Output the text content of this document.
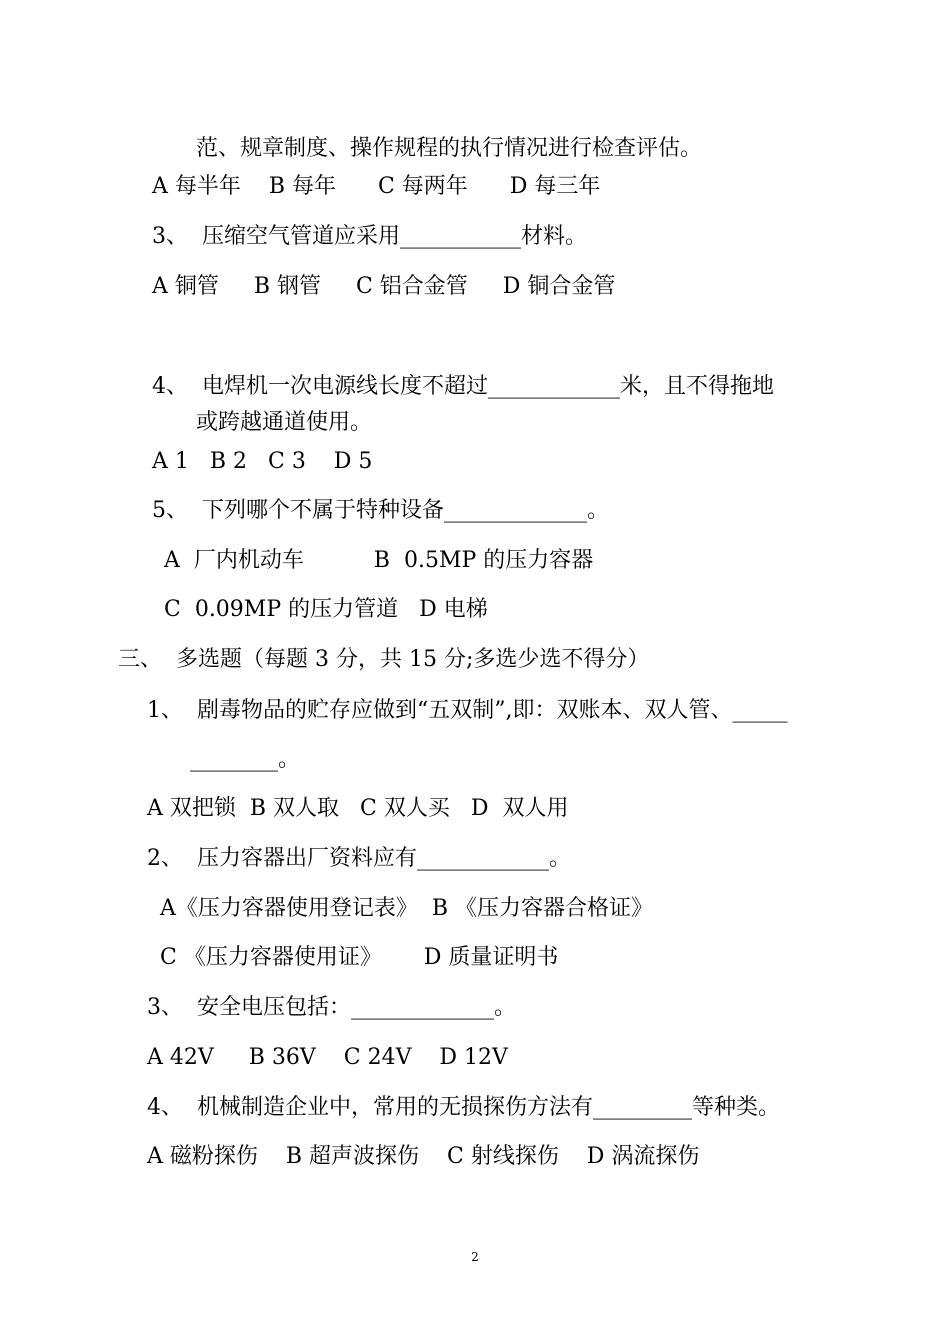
范、规章制度、操作规程的执行情况进行检查评估。
A 每半年    B 每年      C 每两年      D 每三年
3、  压缩空气管道应采用___________材料。
A 铜管     B 钢管     C 铝合金管     D 铜合金管
4、  电焊机一次电源线长度不超过____________米，且不得拖地
或跨越通道使用。
A 1   B 2   C 3    D 5
5、  下列哪个不属于特种设备_____________。
A  厂内机动车          B  0.5MP 的压力容器
C  0.09MP 的压力管道   D 电梯
三、  多选题（每题 3 分，共 15 分;多选少选不得分）
1、  剧毒物品的贮存应做到“五双制”,即：双账本、双人管、_____
________。
A 双把锁  B 双人取   C 双人买   D  双人用
2、  压力容器出厂资料应有____________。
A《压力容器使用登记表》  B 《压力容器合格证》
C 《压力容器使用证》      D 质量证明书
3、  安全电压包括：_____________。
A 42V     B 36V    C 24V    D 12V
4、  机械制造企业中，常用的无损探伤方法有_________等种类。
A 磁粉探伤    B 超声波探伤    C 射线探伤    D 涡流探伤
2
